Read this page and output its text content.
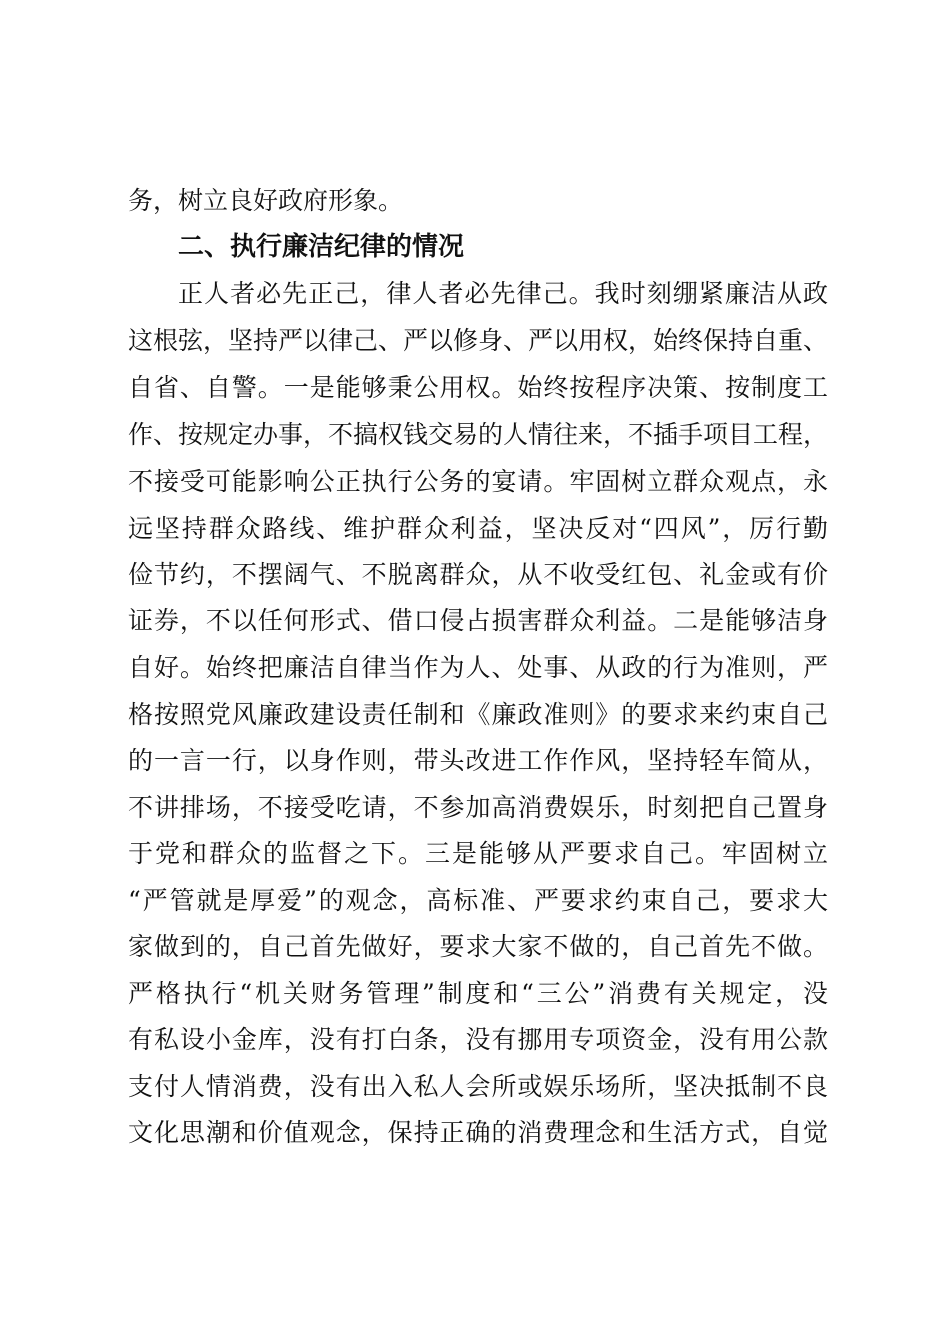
务，树立良好政府形象。
二、执行廉洁纪律的情况
正人者必先正己，律人者必先律己。我时刻绷紧廉洁从政
这根弦，坚持严以律己、严以修身、严以用权，始终保持自重、
自省、自警。一是能够秉公用权。始终按程序决策、按制度工
作、按规定办事，不搞权钱交易的人情往来，不插手项目工程，
不接受可能影响公正执行公务的宴请。牢固树立群众观点，永
远坚持群众路线、维护群众利益，坚决反对“四风”，厉行勤
俭节约，不摆阔气、不脱离群众，从不收受红包、礼金或有价
证券，不以任何形式、借口侵占损害群众利益。二是能够洁身
自好。始终把廉洁自律当作为人、处事、从政的行为准则，严
格按照党风廉政建设责任制和《廉政准则》的要求来约束自己
的一言一行，以身作则，带头改进工作作风，坚持轻车简从，
不讲排场，不接受吃请，不参加高消费娱乐，时刻把自己置身
于党和群众的监督之下。三是能够从严要求自己。牢固树立
“严管就是厚爱”的观念，高标准、严要求约束自己，要求大
家做到的，自己首先做好，要求大家不做的，自己首先不做。
严格执行“机关财务管理”制度和“三公”消费有关规定，没
有私设小金库，没有打白条，没有挪用专项资金，没有用公款
支付人情消费，没有出入私人会所或娱乐场所，坚决抵制不良
文化思潮和价值观念，保持正确的消费理念和生活方式，自觉
